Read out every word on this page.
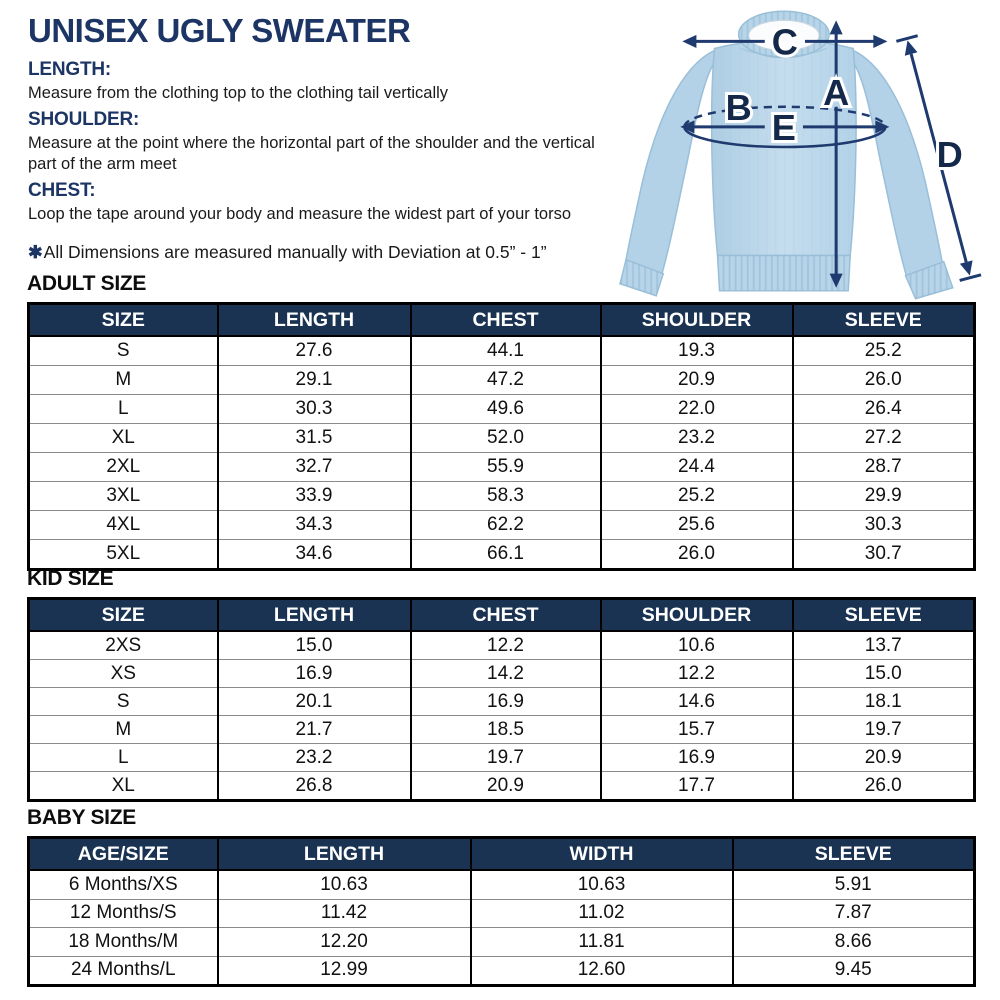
UNISEX UGLY SWEATER
LENGTH:

Measure from the clothing top to the clothing tail vertically

SHOULDER:

Measure at the point where the horizontal part of the shoulder and the vertical part of the arm meet

CHEST:

Loop the tape around your body and measure the widest part of your torso

✱All Dimensions are measured manually with Deviation at 0.5” - 1”

C
A
B E
D
ADULT SIZE
SIZE	LENGTH	CHEST	SHOULDER	SLEEVE
S	27.6	44.1	19.3	25.2
M	29.1	47.2	20.9	26.0
L	30.3	49.6	22.0	26.4
XL	31.5	52.0	23.2	27.2
2XL	32.7	55.9	24.4	28.7
3XL	33.9	58.3	25.2	29.9
4XL	34.3	62.2	25.6	30.3
5XL	34.6	66.1	26.0	30.7
KID SIZE
SIZE	LENGTH	CHEST	SHOULDER	SLEEVE
2XS	15.0	12.2	10.6	13.7
XS	16.9	14.2	12.2	15.0
S	20.1	16.9	14.6	18.1
M	21.7	18.5	15.7	19.7
L	23.2	19.7	16.9	20.9
XL	26.8	20.9	17.7	26.0
BABY SIZE
AGE/SIZE	LENGTH	WIDTH	SLEEVE
6 Months/XS	10.63	10.63	5.91
12 Months/S	11.42	11.02	7.87
18 Months/M	12.20	11.81	8.66
24 Months/L	12.99	12.60	9.45
